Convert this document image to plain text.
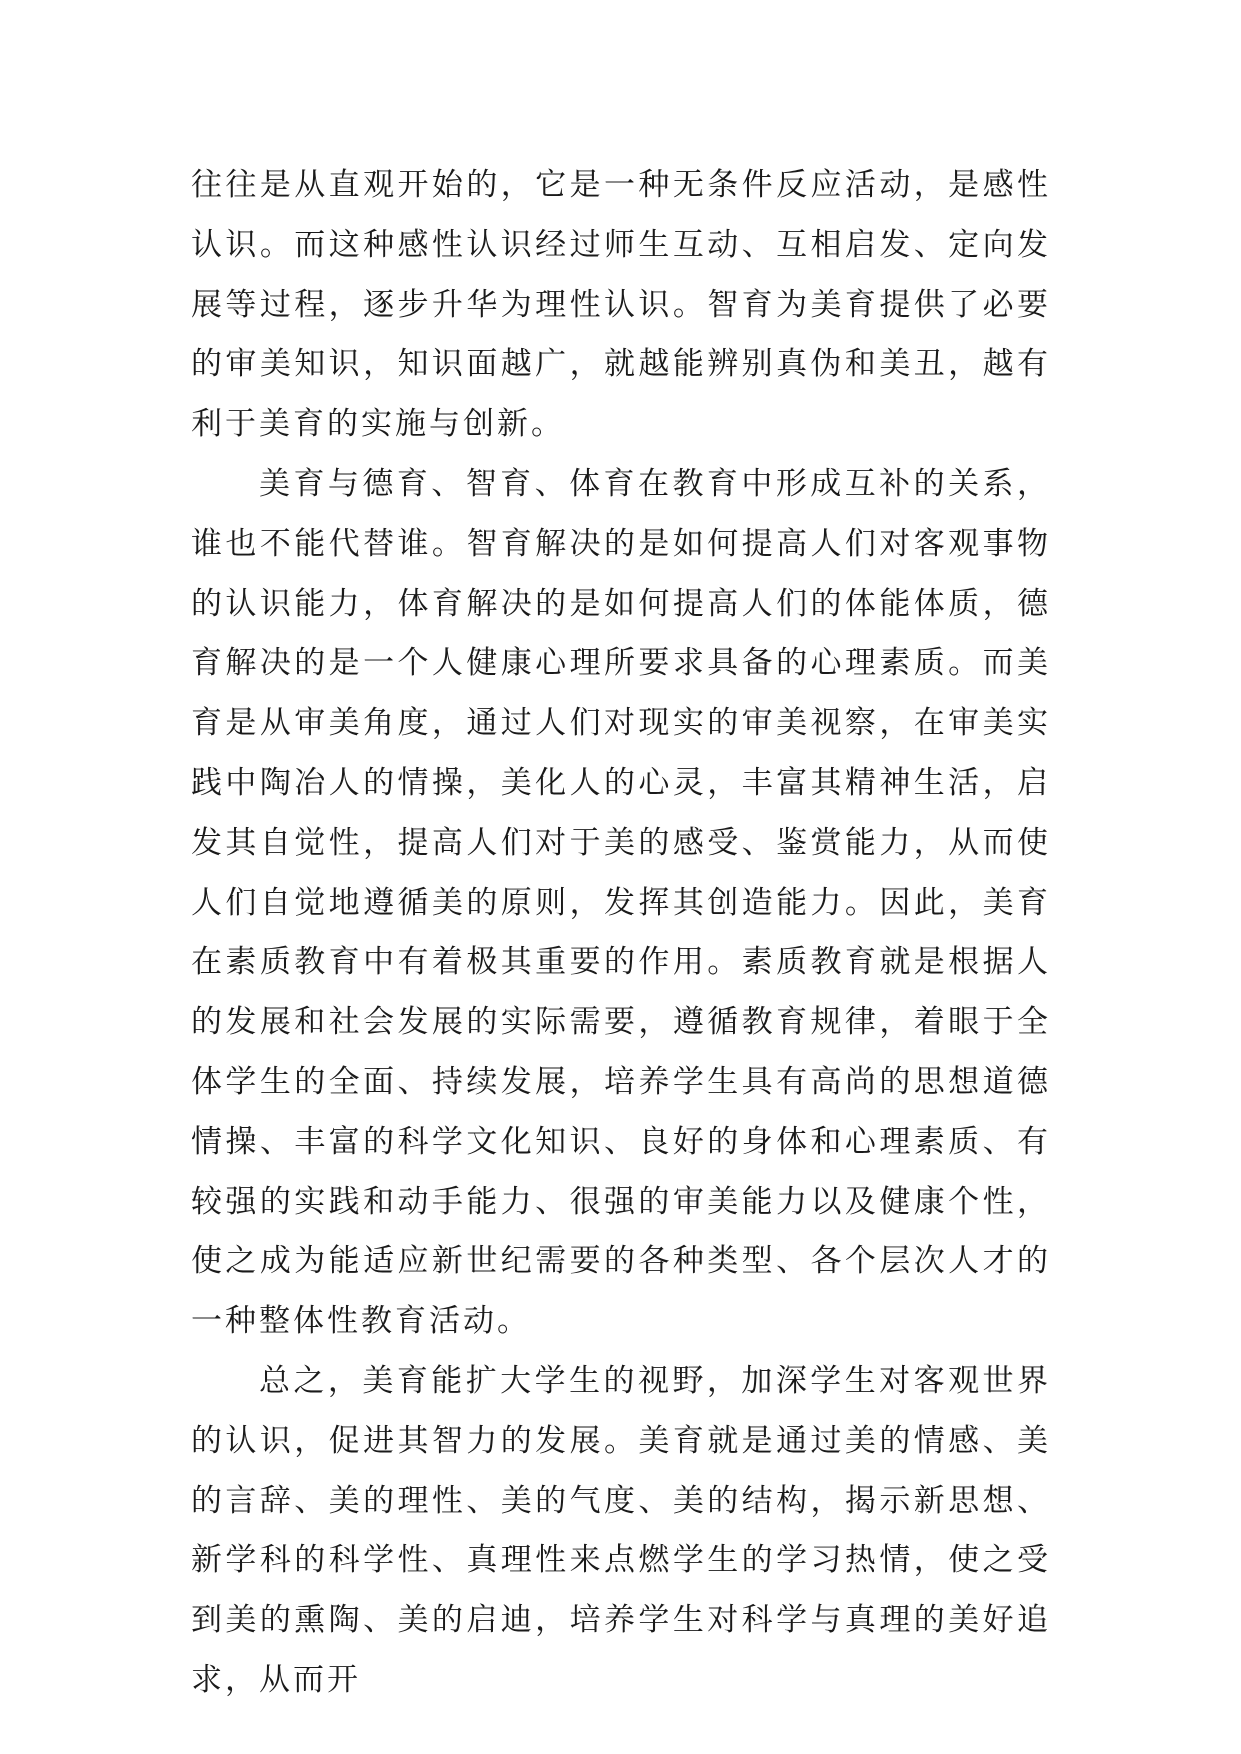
往往是从直观开始的，它是一种无条件反应活动，是感性认识。而这种感性认识经过师生互动、互相启发、定向发展等过程，逐步升华为理性认识。智育为美育提供了必要的审美知识，知识面越广，就越能辨别真伪和美丑，越有利于美育的实施与创新。

美育与德育、智育、体育在教育中形成互补的关系，谁也不能代替谁。智育解决的是如何提高人们对客观事物的认识能力，体育解决的是如何提高人们的体能体质，德育解决的是一个人健康心理所要求具备的心理素质。而美育是从审美角度，通过人们对现实的审美视察，在审美实践中陶冶人的情操，美化人的心灵，丰富其精神生活，启发其自觉性，提高人们对于美的感受、鉴赏能力，从而使人们自觉地遵循美的原则，发挥其创造能力。因此，美育在素质教育中有着极其重要的作用。素质教育就是根据人的发展和社会发展的实际需要，遵循教育规律，着眼于全体学生的全面、持续发展，培养学生具有高尚的思想道德情操、丰富的科学文化知识、良好的身体和心理素质、有较强的实践和动手能力、很强的审美能力以及健康个性，使之成为能适应新世纪需要的各种类型、各个层次人才的一种整体性教育活动。

总之，美育能扩大学生的视野，加深学生对客观世界的认识，促进其智力的发展。美育就是通过美的情感、美的言辞、美的理性、美的气度、美的结构，揭示新思想、新学科的科学性、真理性来点燃学生的学习热情，使之受到美的熏陶、美的启迪，培养学生对科学与真理的美好追求，从而开
